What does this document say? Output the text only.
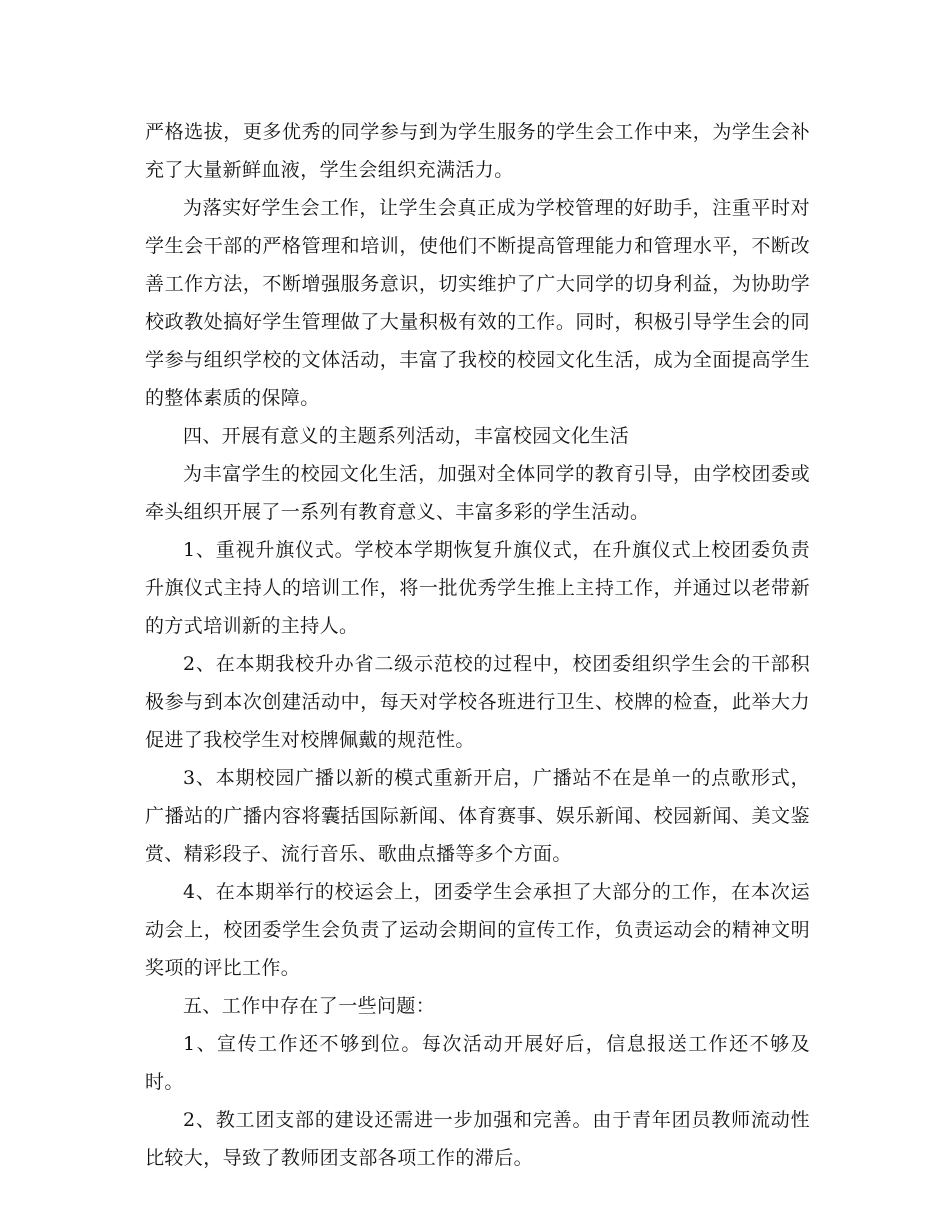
严格选拔，更多优秀的同学参与到为学生服务的学生会工作中来，为学生会补充了大量新鲜血液，学生会组织充满活力。

为落实好学生会工作，让学生会真正成为学校管理的好助手，注重平时对学生会干部的严格管理和培训，使他们不断提高管理能力和管理水平，不断改善工作方法，不断增强服务意识，切实维护了广大同学的切身利益，为协助学校政教处搞好学生管理做了大量积极有效的工作。同时，积极引导学生会的同学参与组织学校的文体活动，丰富了我校的校园文化生活，成为全面提高学生的整体素质的保障。

四、开展有意义的主题系列活动，丰富校园文化生活

为丰富学生的校园文化生活，加强对全体同学的教育引导，由学校团委或牵头组织开展了一系列有教育意义、丰富多彩的学生活动。

1、重视升旗仪式。学校本学期恢复升旗仪式，在升旗仪式上校团委负责升旗仪式主持人的培训工作，将一批优秀学生推上主持工作，并通过以老带新的方式培训新的主持人。

2、在本期我校升办省二级示范校的过程中，校团委组织学生会的干部积极参与到本次创建活动中，每天对学校各班进行卫生、校牌的检查，此举大力促进了我校学生对校牌佩戴的规范性。

3、本期校园广播以新的模式重新开启，广播站不在是单一的点歌形式，广播站的广播内容将囊括国际新闻、体育赛事、娱乐新闻、校园新闻、美文鉴赏、精彩段子、流行音乐、歌曲点播等多个方面。

4、在本期举行的校运会上，团委学生会承担了大部分的工作，在本次运动会上，校团委学生会负责了运动会期间的宣传工作，负责运动会的精神文明奖项的评比工作。

五、工作中存在了一些问题：

1、宣传工作还不够到位。每次活动开展好后，信息报送工作还不够及时。

2、教工团支部的建设还需进一步加强和完善。由于青年团员教师流动性比较大，导致了教师团支部各项工作的滞后。
